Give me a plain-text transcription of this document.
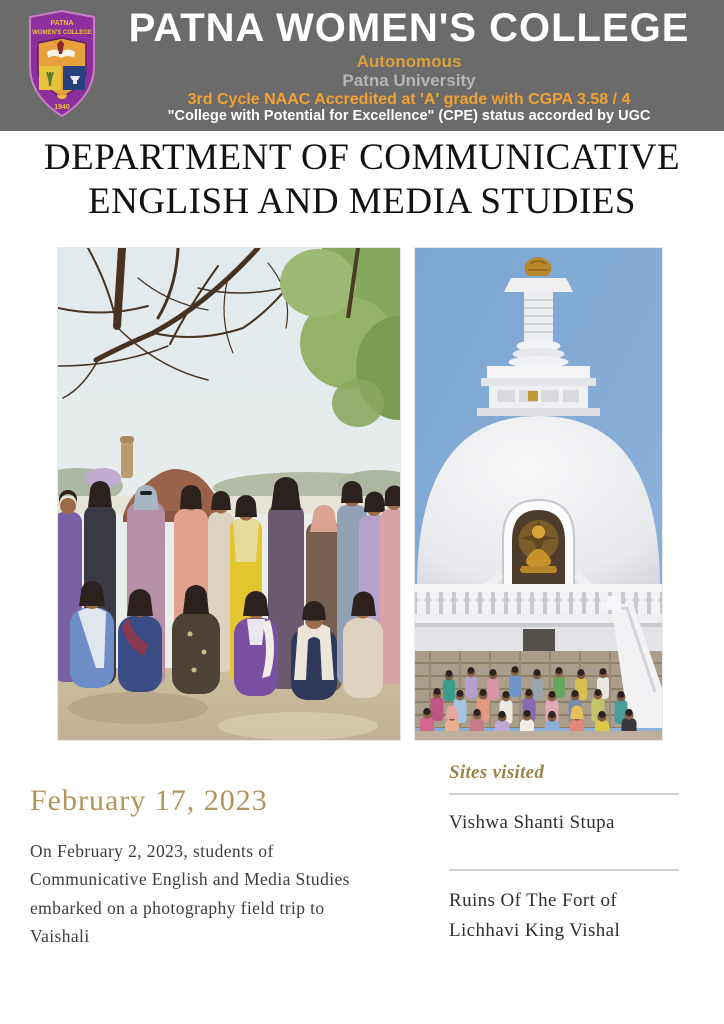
PATNA
WOMEN'S COLLEGE
1940
PATNA WOMEN'S COLLEGE
Autonomous
Patna University
3rd Cycle NAAC Accredited at 'A' grade with CGPA 3.58 / 4
"College with Potential for Excellence" (CPE) status accorded by UGC
DEPARTMENT OF COMMUNICATIVE
ENGLISH AND MEDIA STUDIES
February 17, 2023

On February 2, 2023, students of Communicative English and Media Studies embarked on a photography field trip to Vaishali

Sites visited

Vishwa Shanti Stupa

Ruins Of The Fort of Lichhavi King Vishal
